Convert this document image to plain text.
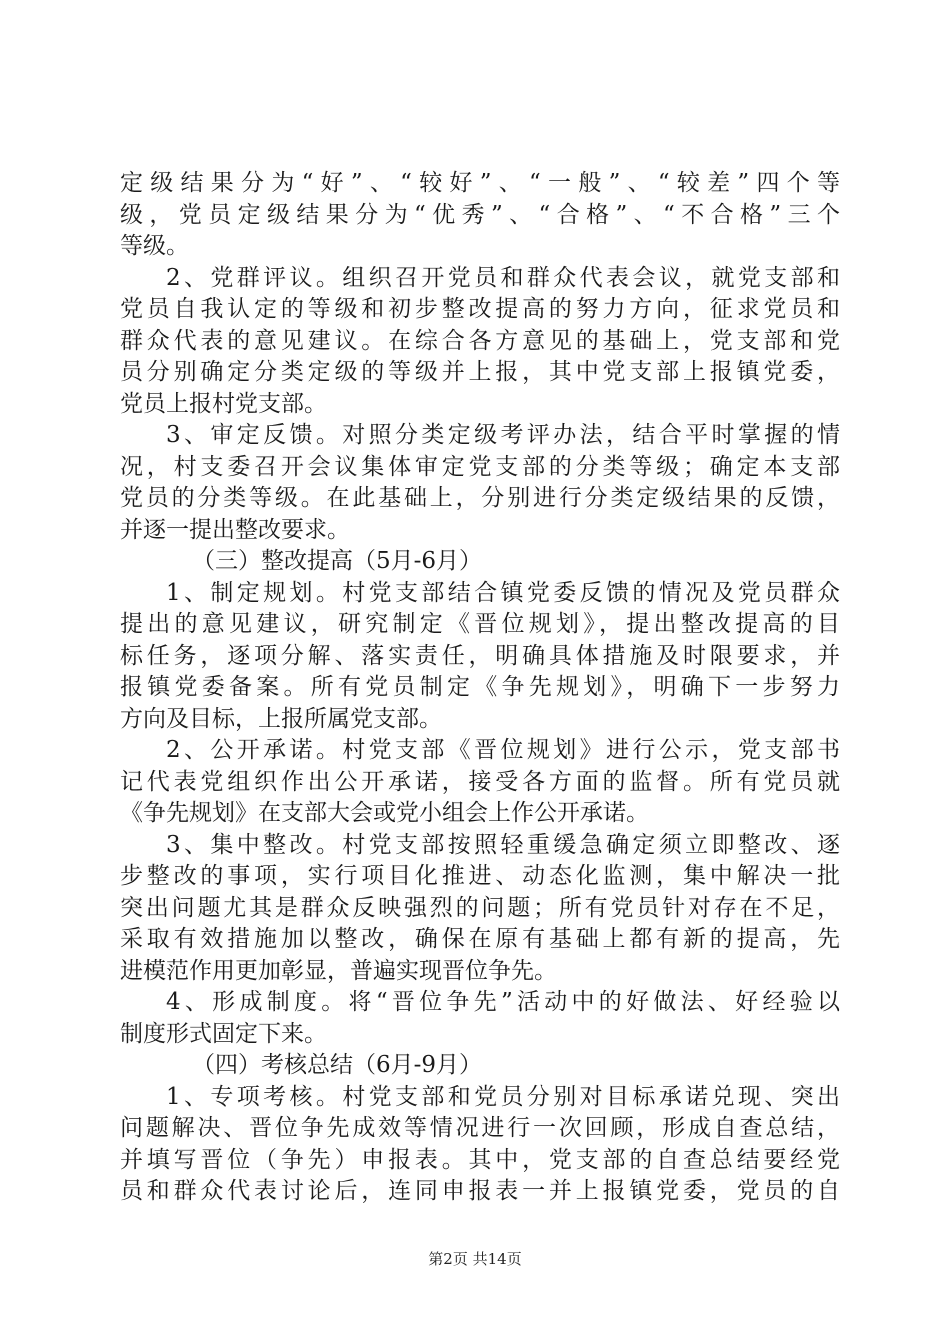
定级结果分为“好”、“较好”、“一般”、“较差”四个等
级，党员定级结果分为“优秀”、“合格”、“不合格”三个
等级。
2、党群评议。组织召开党员和群众代表会议，就党支部和
党员自我认定的等级和初步整改提高的努力方向，征求党员和
群众代表的意见建议。在综合各方意见的基础上，党支部和党
员分别确定分类定级的等级并上报，其中党支部上报镇党委，
党员上报村党支部。
3、审定反馈。对照分类定级考评办法，结合平时掌握的情
况，村支委召开会议集体审定党支部的分类等级；确定本支部
党员的分类等级。在此基础上，分别进行分类定级结果的反馈，
并逐一提出整改要求。
（三）整改提高（5月-6月）
1、制定规划。村党支部结合镇党委反馈的情况及党员群众
提出的意见建议，研究制定《晋位规划》，提出整改提高的目
标任务，逐项分解、落实责任，明确具体措施及时限要求，并
报镇党委备案。所有党员制定《争先规划》，明确下一步努力
方向及目标，上报所属党支部。
2、公开承诺。村党支部《晋位规划》进行公示，党支部书
记代表党组织作出公开承诺，接受各方面的监督。所有党员就
《争先规划》在支部大会或党小组会上作公开承诺。
3、集中整改。村党支部按照轻重缓急确定须立即整改、逐
步整改的事项，实行项目化推进、动态化监测，集中解决一批
突出问题尤其是群众反映强烈的问题；所有党员针对存在不足，
采取有效措施加以整改，确保在原有基础上都有新的提高，先
进模范作用更加彰显，普遍实现晋位争先。
4、形成制度。将“晋位争先”活动中的好做法、好经验以
制度形式固定下来。
（四）考核总结（6月-9月）
1、专项考核。村党支部和党员分别对目标承诺兑现、突出
问题解决、晋位争先成效等情况进行一次回顾，形成自查总结，
并填写晋位（争先）申报表。其中，党支部的自查总结要经党
员和群众代表讨论后，连同申报表一并上报镇党委，党员的自
第2页 共14页
